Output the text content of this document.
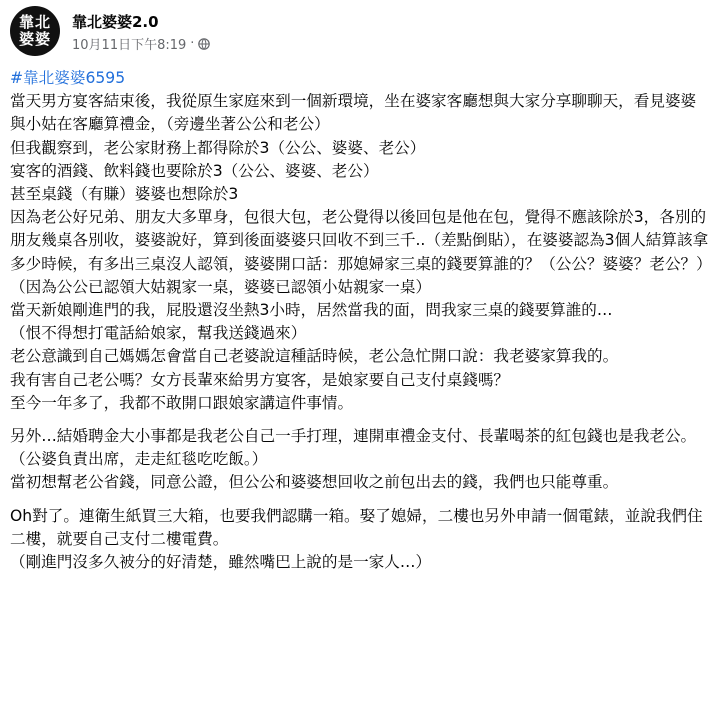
靠北
婆婆
靠北婆婆2.0
10月11日下午8:19 ·

#靠北婆婆6595

當天男方宴客結束後，我從原生家庭來到一個新環境，坐在婆家客廳想與大家分享聊聊天，看見婆婆與小姑在客廳算禮金，（旁邊坐著公公和老公）

但我觀察到，老公家財務上都得除於3（公公、婆婆、老公）

宴客的酒錢、飲料錢也要除於3（公公、婆婆、老公）

甚至桌錢（有賺）婆婆也想除於3

因為老公好兄弟、朋友大多單身，包很大包，老公覺得以後回包是他在包，覺得不應該除於3，各別的朋友幾桌各別收，婆婆說好，算到後面婆婆只回收不到三千..（差點倒貼），在婆婆認為3個人結算該拿多少時候，有多出三桌沒人認領，婆婆開口話：那媳婦家三桌的錢要算誰的？（公公？婆婆？老公？）

（因為公公已認領大姑親家一桌，婆婆已認領小姑親家一桌）

當天新娘剛進門的我，屁股還沒坐熱3小時，居然當我的面，問我家三桌的錢要算誰的…

（恨不得想打電話給娘家，幫我送錢過來）

老公意識到自己媽媽怎會當自己老婆說這種話時候，老公急忙開口說：我老婆家算我的。

我有害自己老公嗎？女方長輩來給男方宴客，是娘家要自己支付桌錢嗎？

至今一年多了，我都不敢開口跟娘家講這件事情。

另外…結婚聘金大小事都是我老公自己一手打理，連開車禮金支付、長輩喝茶的紅包錢也是我老公。

（公婆負責出席，走走紅毯吃吃飯。）

當初想幫老公省錢，同意公證，但公公和婆婆想回收之前包出去的錢，我們也只能尊重。

Oh對了。連衛生紙買三大箱，也要我們認購一箱。娶了媳婦，二樓也另外申請一個電錶，並說我們住二樓，就要自己支付二樓電費。

（剛進門沒多久被分的好清楚，雖然嘴巴上說的是一家人…）
